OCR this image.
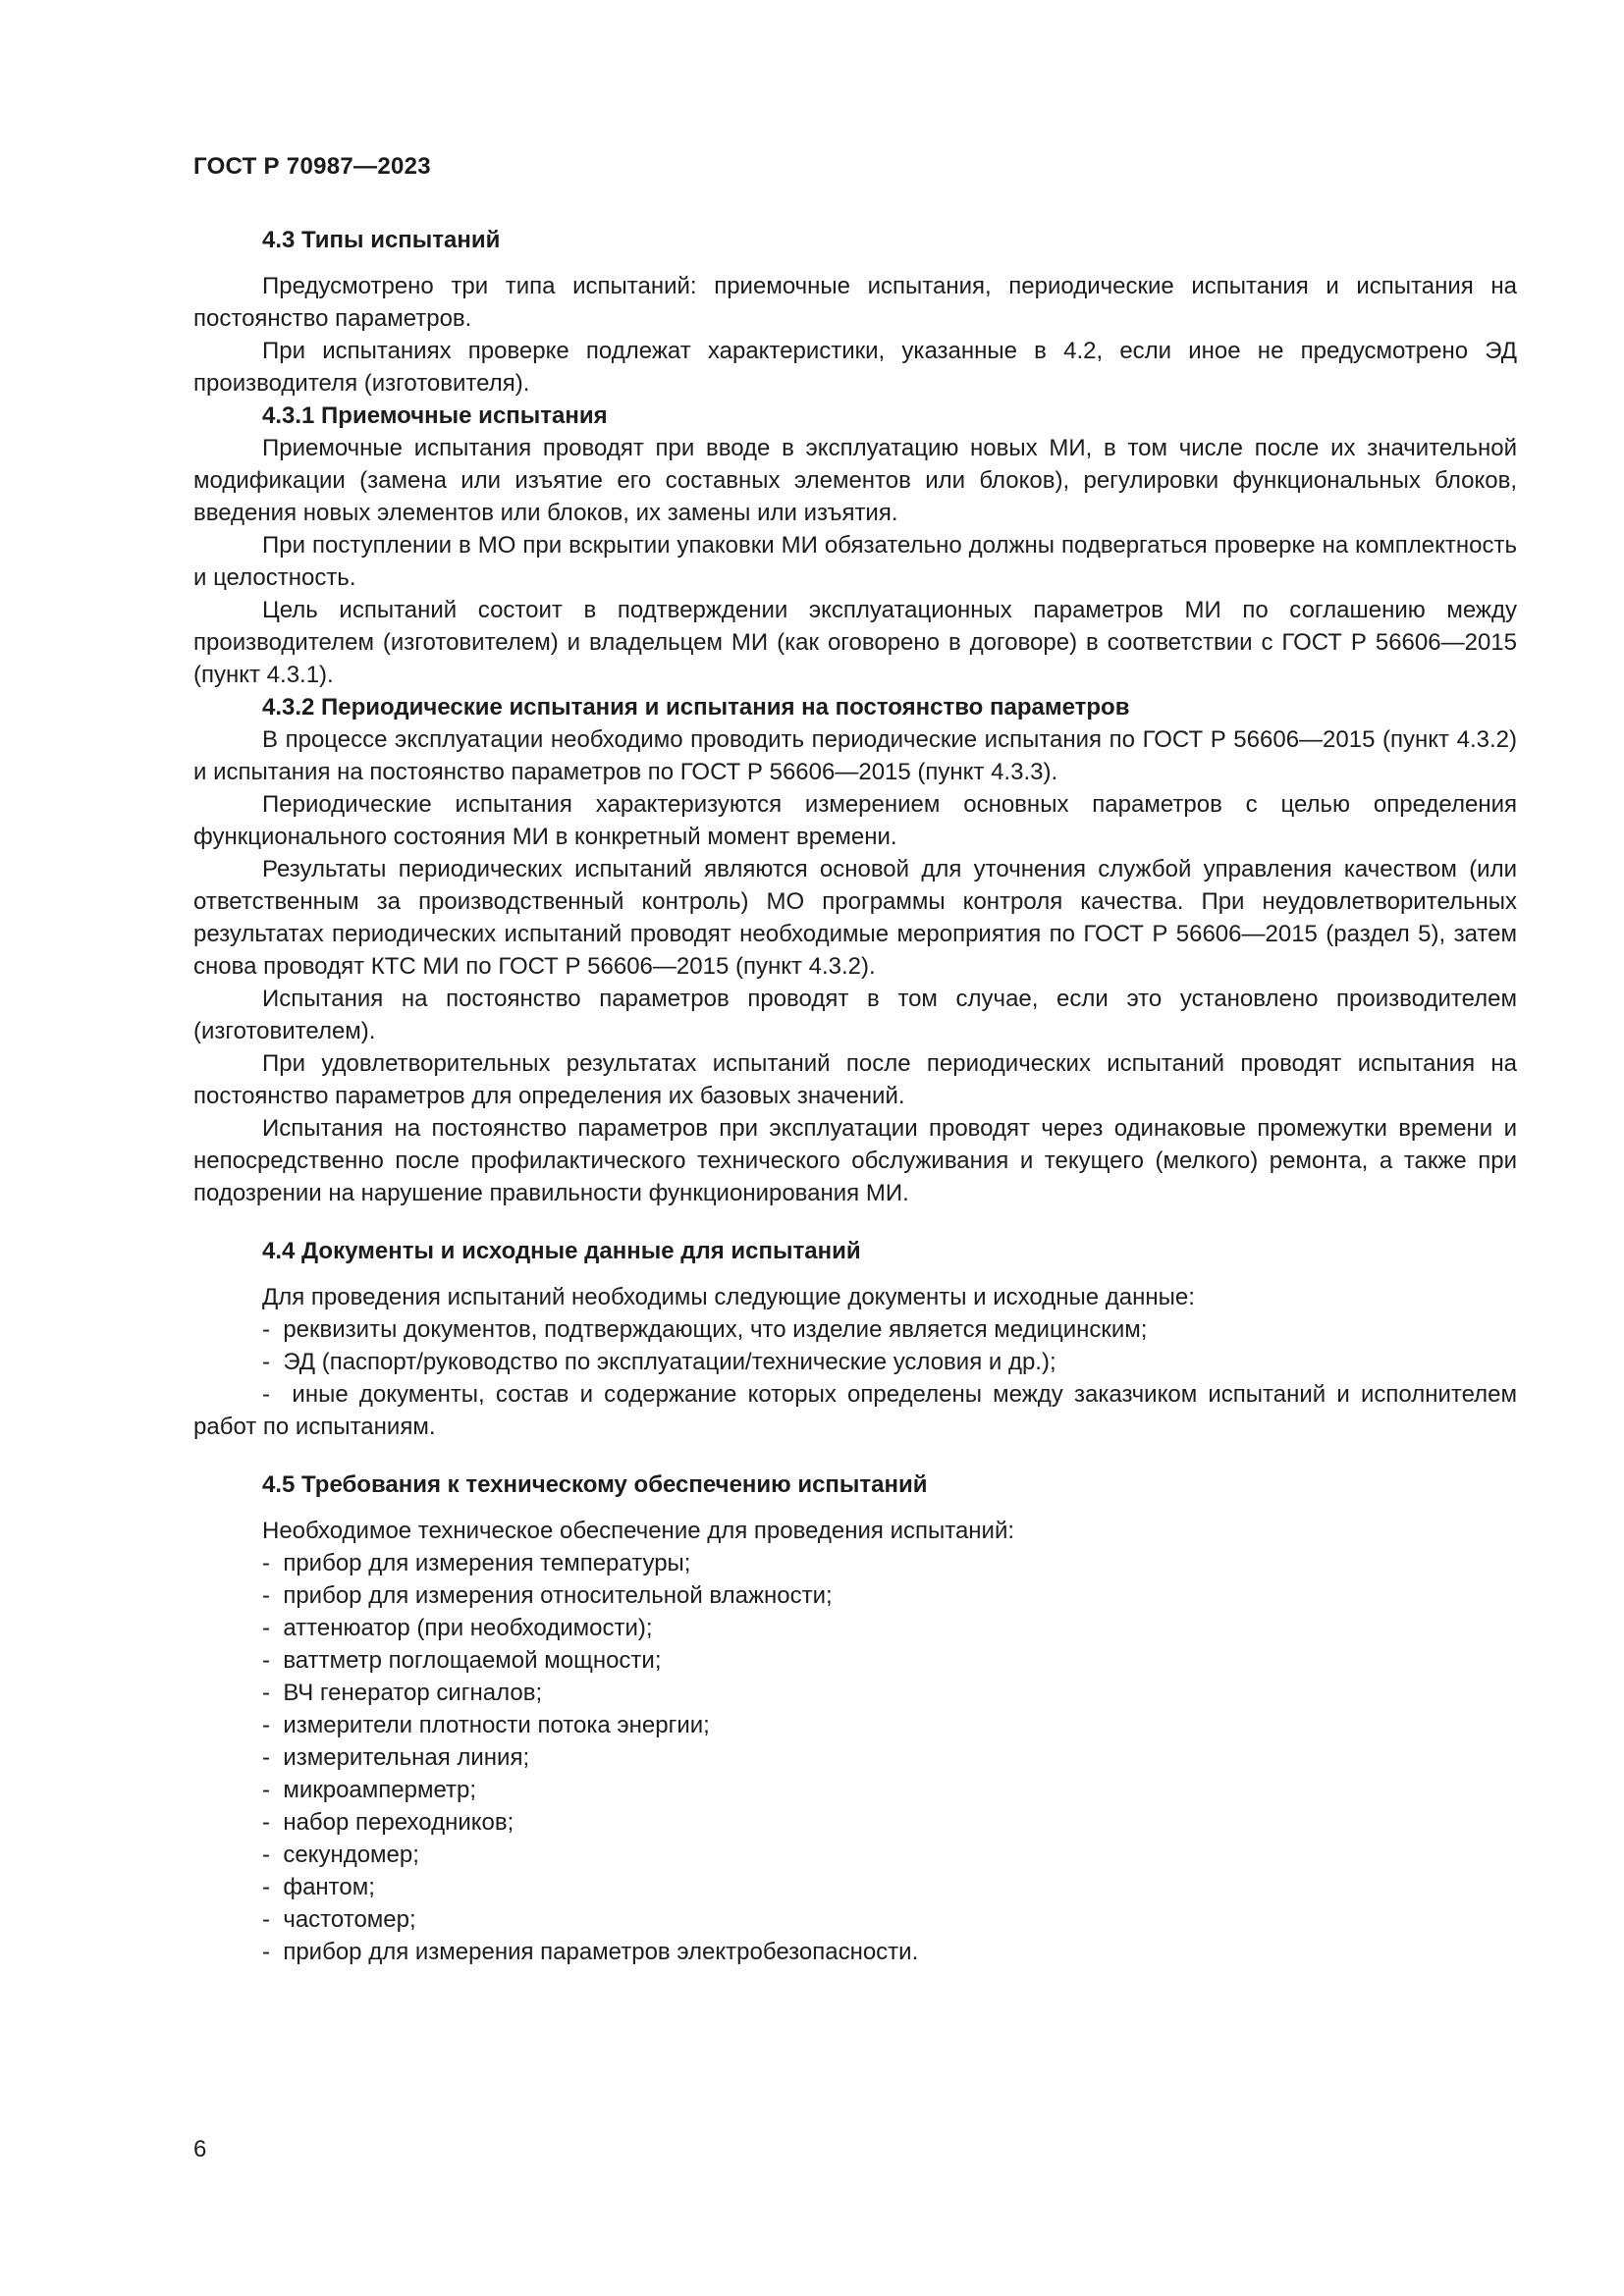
ГОСТ Р 70987—2023
4.3 Типы испытаний

Предусмотрено три типа испытаний: приемочные испытания, периодические испытания и испытания на постоянство параметров.

При испытаниях проверке подлежат характеристики, указанные в 4.2, если иное не предусмотрено ЭД производителя (изготовителя).

4.3.1 Приемочные испытания

Приемочные испытания проводят при вводе в эксплуатацию новых МИ, в том числе после их значительной модификации (замена или изъятие его составных элементов или блоков), регулировки функциональных блоков, введения новых элементов или блоков, их замены или изъятия.

При поступлении в МО при вскрытии упаковки МИ обязательно должны подвергаться проверке на комплектность и целостность.

Цель испытаний состоит в подтверждении эксплуатационных параметров МИ по соглашению между производителем (изготовителем) и владельцем МИ (как оговорено в договоре) в соответствии с ГОСТ Р 56606—2015 (пункт 4.3.1).

4.3.2 Периодические испытания и испытания на постоянство параметров

В процессе эксплуатации необходимо проводить периодические испытания по ГОСТ Р 56606—2015 (пункт 4.3.2) и испытания на постоянство параметров по ГОСТ Р 56606—2015 (пункт 4.3.3).

Периодические испытания характеризуются измерением основных параметров с целью определения функционального состояния МИ в конкретный момент времени.

Результаты периодических испытаний являются основой для уточнения службой управления качеством (или ответственным за производственный контроль) МО программы контроля качества. При неудовлетворительных результатах периодических испытаний проводят необходимые мероприятия по ГОСТ Р 56606—2015 (раздел 5), затем снова проводят КТС МИ по ГОСТ Р 56606—2015 (пункт 4.3.2).

Испытания на постоянство параметров проводят в том случае, если это установлено производителем (изготовителем).

При удовлетворительных результатах испытаний после периодических испытаний проводят испытания на постоянство параметров для определения их базовых значений.

Испытания на постоянство параметров при эксплуатации проводят через одинаковые промежутки времени и непосредственно после профилактического технического обслуживания и текущего (мелкого) ремонта, а также при подозрении на нарушение правильности функционирования МИ.

4.4 Документы и исходные данные для испытаний

Для проведения испытаний необходимы следующие документы и исходные данные:

-  реквизиты документов, подтверждающих, что изделие является медицинским;
-  ЭД (паспорт/руководство по эксплуатации/технические условия и др.);
-  иные документы, состав и содержание которых определены между заказчиком испытаний и исполнителем работ по испытаниям.
4.5 Требования к техническому обеспечению испытаний

Необходимое техническое обеспечение для проведения испытаний:

-  прибор для измерения температуры;
-  прибор для измерения относительной влажности;
-  аттенюатор (при необходимости);
-  ваттметр поглощаемой мощности;
-  ВЧ генератор сигналов;
-  измерители плотности потока энергии;
-  измерительная линия;
-  микроамперметр;
-  набор переходников;
-  секундомер;
-  фантом;
-  частотомер;
-  прибор для измерения параметров электробезопасности.
6
